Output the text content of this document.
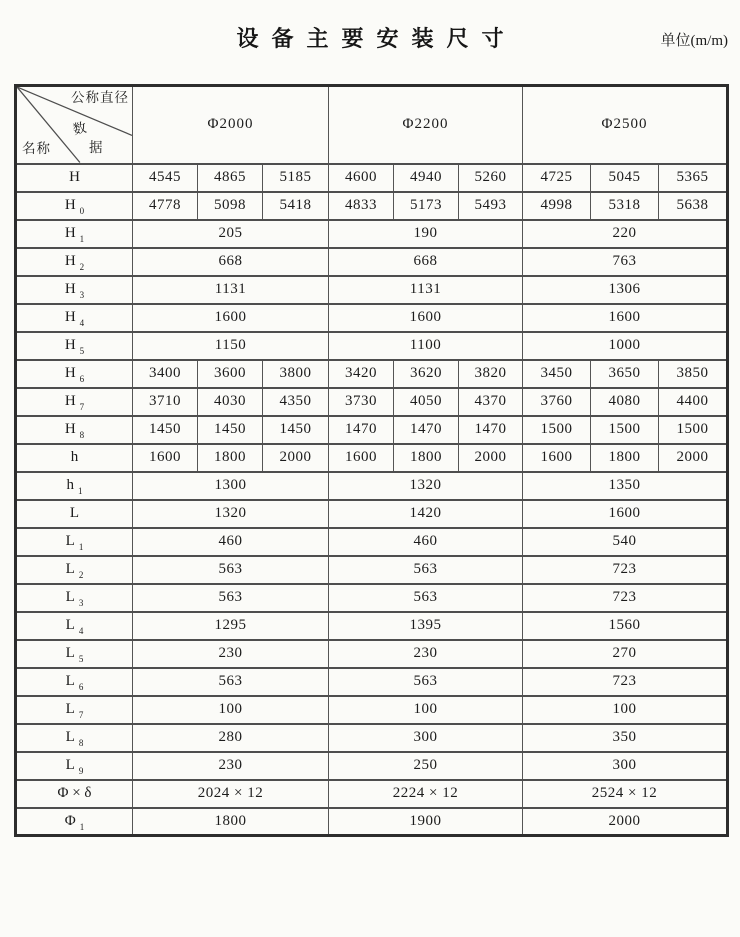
设备主要安装尺寸	单位(m/m)
公称直径
数
据
名称	Φ2000			Φ2200			Φ2500		
H	4545	4865	5185	4600	4940	5260	4725	5045	5365
H $_0$	4778	5098	5418	4833	5173	5493	4998	5318	5638
H $_1$	205			190			220		
H $_2$	668			668			763		
H $_3$	1131			1131			1306		
H $_4$	1600			1600			1600		
H $_5$	1150			1100			1000		
H $_6$	3400	3600	3800	3420	3620	3820	3450	3650	3850
H $_7$	3710	4030	4350	3730	4050	4370	3760	4080	4400
H $_8$	1450	1450	1450	1470	1470	1470	1500	1500	1500
h	1600	1800	2000	1600	1800	2000	1600	1800	2000
h $_1$	1300			1320			1350		
L	1320			1420			1600		
L $_1$	460			460			540		
L $_2$	563			563			723		
L $_3$	563			563			723		
L $_4$	1295			1395			1560		
L $_5$	230			230			270		
L $_6$	563			563			723		
L $_7$	100			100			100		
L $_8$	280			300			350		
L $_9$	230			250			300		
Φ × δ	2024 × 12			2224 × 12			2524 × 12		
Φ $_1$	1800			1900			2000		
